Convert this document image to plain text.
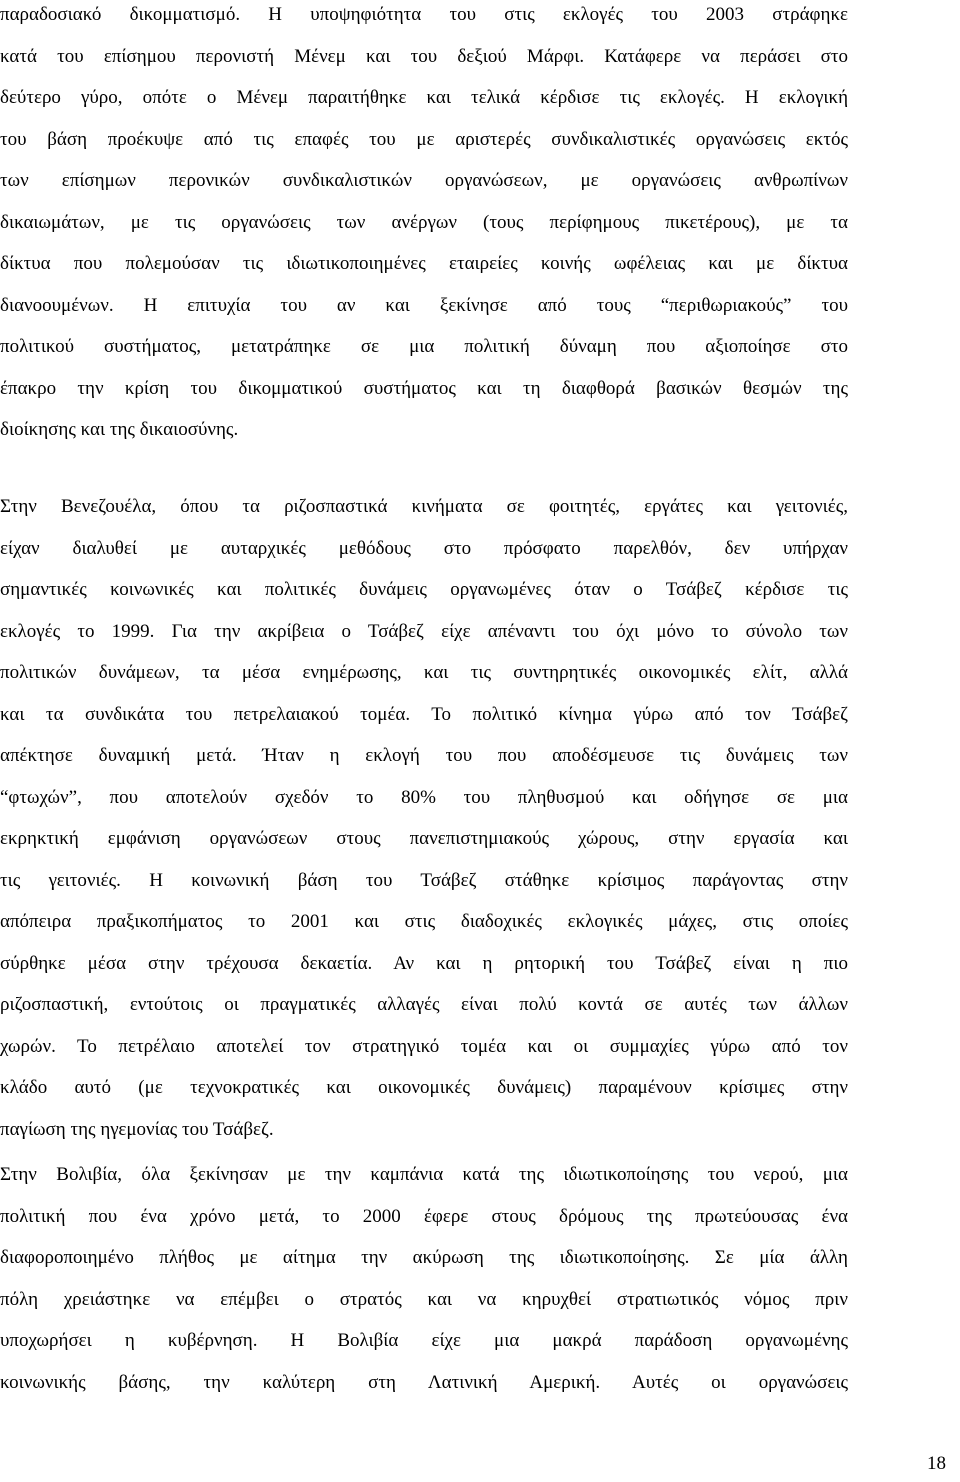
παραδοσιακό δικομματισμό. Η υποψηφιότητα του στις εκλογές του 2003 στράφηκε
κατά του επίσημου περονιστή Μένεμ και του δεξιού Μάρφι. Κατάφερε να περάσει στο
δεύτερο γύρο, οπότε ο Μένεμ παραιτήθηκε και τελικά κέρδισε τις εκλογές. Η εκλογική
του βάση προέκυψε από τις επαφές του με αριστερές συνδικαλιστικές οργανώσεις εκτός
των επίσημων περονικών συνδικαλιστικών οργανώσεων, με οργανώσεις ανθρωπίνων
δικαιωμάτων, με τις οργανώσεις των ανέργων (τους περίφημους πικετέρους), με τα
δίκτυα που πολεμούσαν τις ιδιωτικοποιημένες εταιρείες κοινής ωφέλειας και με δίκτυα
διανοουμένων. Η επιτυχία του αν και ξεκίνησε από τους “περιθωριακούς” του
πολιτικού συστήματος, μετατράπηκε σε μια πολιτική δύναμη που αξιοποίησε στο
έπακρο την κρίση του δικομματικού συστήματος και τη διαφθορά βασικών θεσμών της
διοίκησης και της δικαιοσύνης.
Στην Βενεζουέλα, όπου τα ριζοσπαστικά κινήματα σε φοιτητές, εργάτες και γειτονιές,
είχαν διαλυθεί με αυταρχικές μεθόδους στο πρόσφατο παρελθόν, δεν υπήρχαν
σημαντικές κοινωνικές και πολιτικές δυνάμεις οργανωμένες όταν ο Τσάβεζ κέρδισε τις
εκλογές το 1999. Για την ακρίβεια ο Τσάβεζ είχε απέναντι του όχι μόνο το σύνολο των
πολιτικών δυνάμεων, τα μέσα ενημέρωσης, και τις συντηρητικές οικονομικές ελίτ, αλλά
και τα συνδικάτα του πετρελαιακού τομέα. Το πολιτικό κίνημα γύρω από τον Τσάβεζ
απέκτησε δυναμική μετά. Ήταν η εκλογή του που αποδέσμευσε τις δυνάμεις των
“φτωχών”, που αποτελούν σχεδόν το 80% του πληθυσμού και οδήγησε σε μια
εκρηκτική εμφάνιση οργανώσεων στους πανεπιστημιακούς χώρους, στην εργασία και
τις γειτονιές. Η κοινωνική βάση του Τσάβεζ στάθηκε κρίσιμος παράγοντας στην
απόπειρα πραξικοπήματος το 2001 και στις διαδοχικές εκλογικές μάχες, στις οποίες
σύρθηκε μέσα στην τρέχουσα δεκαετία. Αν και η ρητορική του Τσάβεζ είναι η πιο
ριζοσπαστική, εντούτοις οι πραγματικές αλλαγές είναι πολύ κοντά σε αυτές των άλλων
χωρών. Το πετρέλαιο αποτελεί τον στρατηγικό τομέα και οι συμμαχίες γύρω από τον
κλάδο αυτό (με τεχνοκρατικές και οικονομικές δυνάμεις) παραμένουν κρίσιμες στην
παγίωση της ηγεμονίας του Τσάβεζ.
Στην Βολιβία, όλα ξεκίνησαν με την καμπάνια κατά της ιδιωτικοποίησης του νερού, μια
πολιτική που ένα χρόνο μετά, το 2000 έφερε στους δρόμους της πρωτεύουσας ένα
διαφοροποιημένο πλήθος με αίτημα την ακύρωση της ιδιωτικοποίησης. Σε μία άλλη
πόλη χρειάστηκε να επέμβει ο στρατός και να κηρυχθεί στρατιωτικός νόμος πριν
υποχωρήσει η κυβέρνηση. Η Βολιβία είχε μια μακρά παράδοση οργανωμένης
κοινωνικής βάσης, την καλύτερη στη Λατινική Αμερική. Αυτές οι οργανώσεις
18
